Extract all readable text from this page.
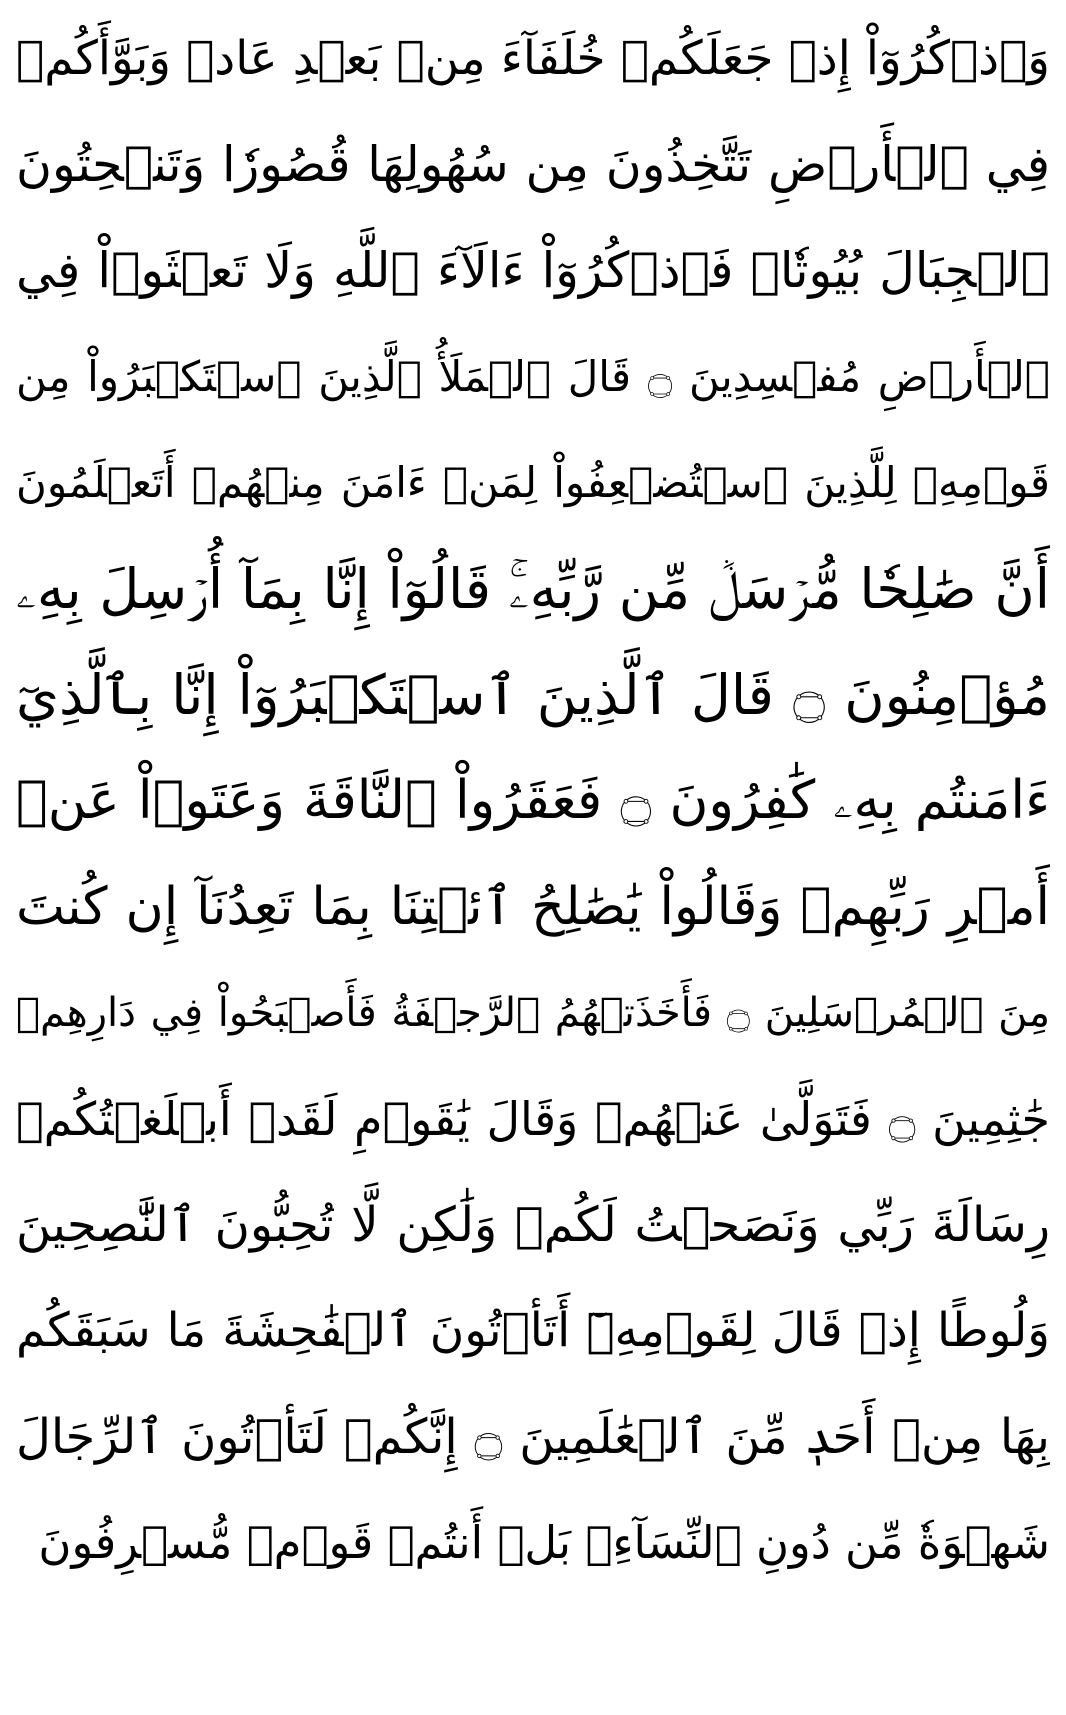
وَٱذۡكُرُوٓاْ إِذۡ جَعَلَكُمۡ خُلَفَآءَ مِنۢ بَعۡدِ عَادٖ وَبَوَّأَكُمۡ
فِي ٱلۡأَرۡضِ تَتَّخِذُونَ مِن سُهُولِهَا قُصُورٗا وَتَنۡحِتُونَ
ٱلۡجِبَالَ بُيُوتٗاۖ فَٱذۡكُرُوٓاْ ءَالَآءَ ٱللَّهِ وَلَا تَعۡثَوۡاْ فِي
ٱلۡأَرۡضِ مُفۡسِدِينَ ۝ قَالَ ٱلۡمَلَأُ ٱلَّذِينَ ٱسۡتَكۡبَرُواْ مِن
قَوۡمِهِۦ لِلَّذِينَ ٱسۡتُضۡعِفُواْ لِمَنۡ ءَامَنَ مِنۡهُمۡ أَتَعۡلَمُونَ
أَنَّ صَٰلِحٗا مُّرۡسَلٞ مِّن رَّبِّهِۦۚ قَالُوٓاْ إِنَّا بِمَآ أُرۡسِلَ بِهِۦ
مُؤۡمِنُونَ ۝ قَالَ ٱلَّذِينَ ٱسۡتَكۡبَرُوٓاْ إِنَّا بِٱلَّذِيٓ
ءَامَنتُم بِهِۦ كَٰفِرُونَ ۝ فَعَقَرُواْ ٱلنَّاقَةَ وَعَتَوۡاْ عَنۡ
أَمۡرِ رَبِّهِمۡ وَقَالُواْ يَٰصَٰلِحُ ٱئۡتِنَا بِمَا تَعِدُنَآ إِن كُنتَ
مِنَ ٱلۡمُرۡسَلِينَ ۝ فَأَخَذَتۡهُمُ ٱلرَّجۡفَةُ فَأَصۡبَحُواْ فِي دَارِهِمۡ
جَٰثِمِينَ ۝ فَتَوَلَّىٰ عَنۡهُمۡ وَقَالَ يَٰقَوۡمِ لَقَدۡ أَبۡلَغۡتُكُمۡ
رِسَالَةَ رَبِّي وَنَصَحۡتُ لَكُمۡ وَلَٰكِن لَّا تُحِبُّونَ ٱلنَّٰصِحِينَ
وَلُوطًا إِذۡ قَالَ لِقَوۡمِهِۦٓ أَتَأۡتُونَ ٱلۡفَٰحِشَةَ مَا سَبَقَكُم
بِهَا مِنۡ أَحَدٖ مِّنَ ٱلۡعَٰلَمِينَ ۝ إِنَّكُمۡ لَتَأۡتُونَ ٱلرِّجَالَ
شَهۡوَةٗ مِّن دُونِ ٱلنِّسَآءِۚ بَلۡ أَنتُمۡ قَوۡمٞ مُّسۡرِفُونَ
